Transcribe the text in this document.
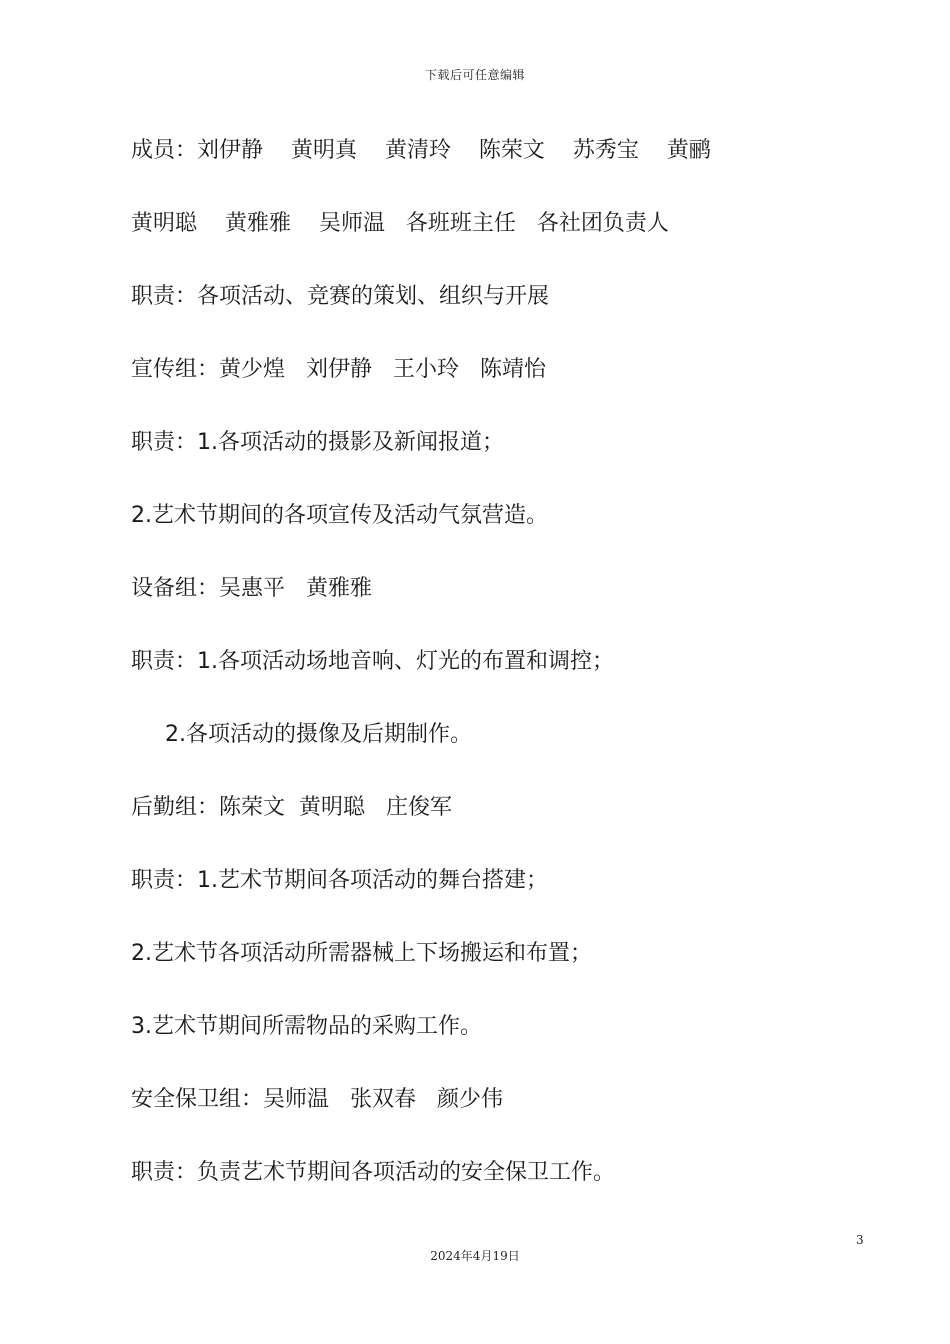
下载后可任意编辑
成员：刘伊静    黄明真    黄清玲    陈荣文    苏秀宝    黄鹂
黄明聪    黄雅雅    吴师温   各班班主任   各社团负责人
职责：各项活动、竞赛的策划、组织与开展
宣传组：黄少煌   刘伊静   王小玲   陈靖怡
职责：1.各项活动的摄影及新闻报道；
2.艺术节期间的各项宣传及活动气氛营造。
设备组：吴惠平   黄雅雅
职责：1.各项活动场地音响、灯光的布置和调控；
2.各项活动的摄像及后期制作。
后勤组：陈荣文  黄明聪   庄俊军
职责：1.艺术节期间各项活动的舞台搭建；
2.艺术节各项活动所需器械上下场搬运和布置；
3.艺术节期间所需物品的采购工作。
安全保卫组：吴师温   张双春   颜少伟
职责：负责艺术节期间各项活动的安全保卫工作。
3
2024年4月19日
